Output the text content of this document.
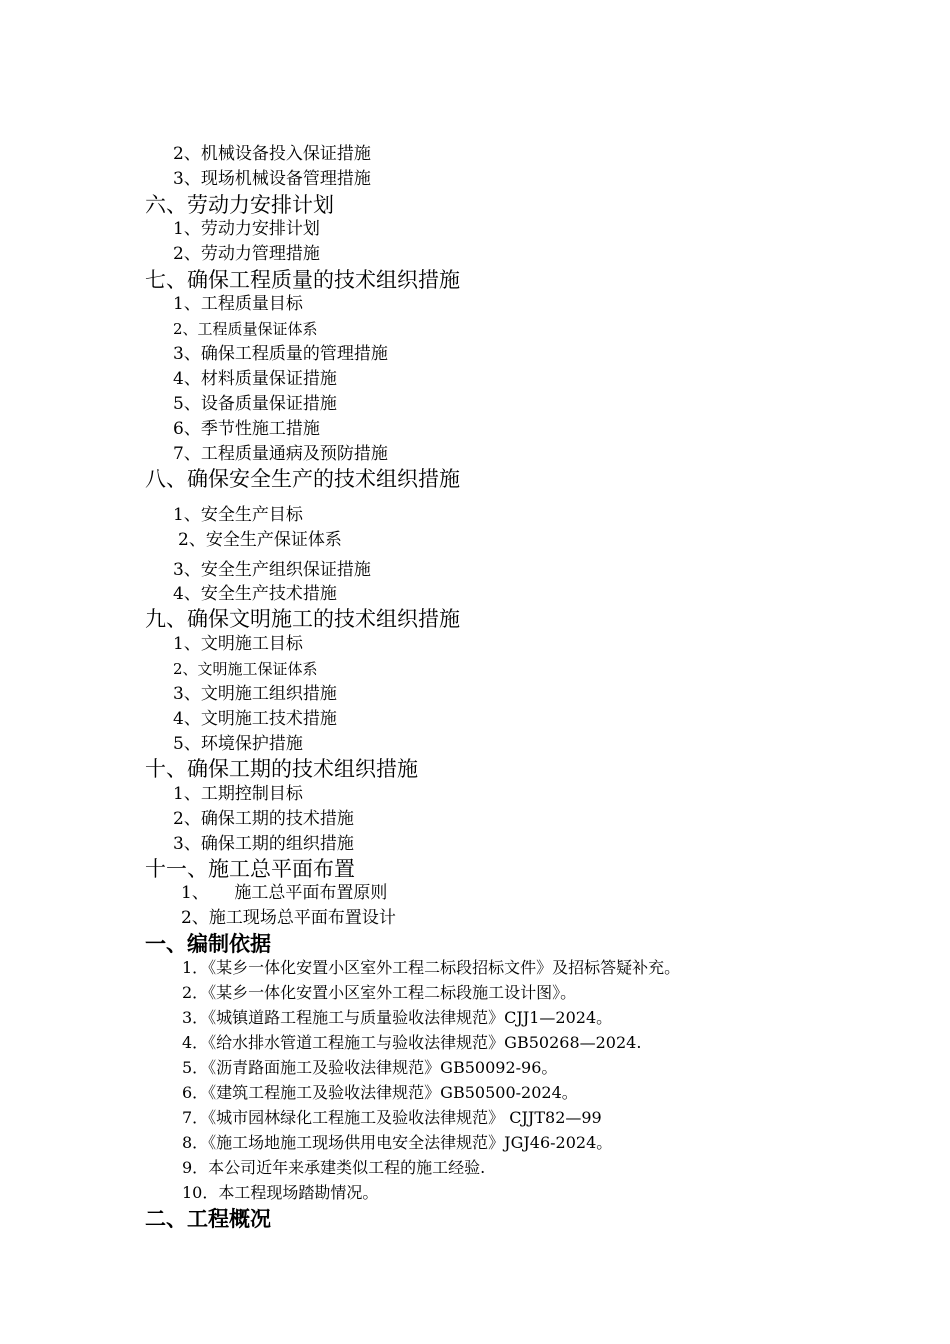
2、机械设备投入保证措施
3、现场机械设备管理措施
六、劳动力安排计划
1、劳动力安排计划
2、劳动力管理措施
七、确保工程质量的技术组织措施
1、工程质量目标
2、工程质量保证体系
3、确保工程质量的管理措施
4、材料质量保证措施
5、设备质量保证措施
6、季节性施工措施
7、工程质量通病及预防措施
八、确保安全生产的技术组织措施
1、安全生产目标
2、安全生产保证体系
3、安全生产组织保证措施
4、安全生产技术措施
九、确保文明施工的技术组织措施
1、文明施工目标
2、文明施工保证体系
3、文明施工组织措施
4、文明施工技术措施
5、环境保护措施
十、确保工期的技术组织措施
1、工期控制目标
2、确保工期的技术措施
3、确保工期的组织措施
十一、施工总平面布置
1、　　施工总平面布置原则
2、施工现场总平面布置设计
一、编制依据
1．《某乡一体化安置小区室外工程二标段招标文件》及招标答疑补充。
2．《某乡一体化安置小区室外工程二标段施工设计图》。
3．《城镇道路工程施工与质量验收法律规范》CJJ1—2024。
4．《给水排水管道工程施工与验收法律规范》GB50268—2024.
5．《沥青路面施工及验收法律规范》GB50092-96。
6．《建筑工程施工及验收法律规范》GB50500-2024。
7．《城市园林绿化工程施工及验收法律规范》 CJJT82—99
8．《施工场地施工现场供用电安全法律规范》JGJ46-2024。
9．本公司近年来承建类似工程的施工经验.
10．本工程现场踏勘情况。
二、工程概况
